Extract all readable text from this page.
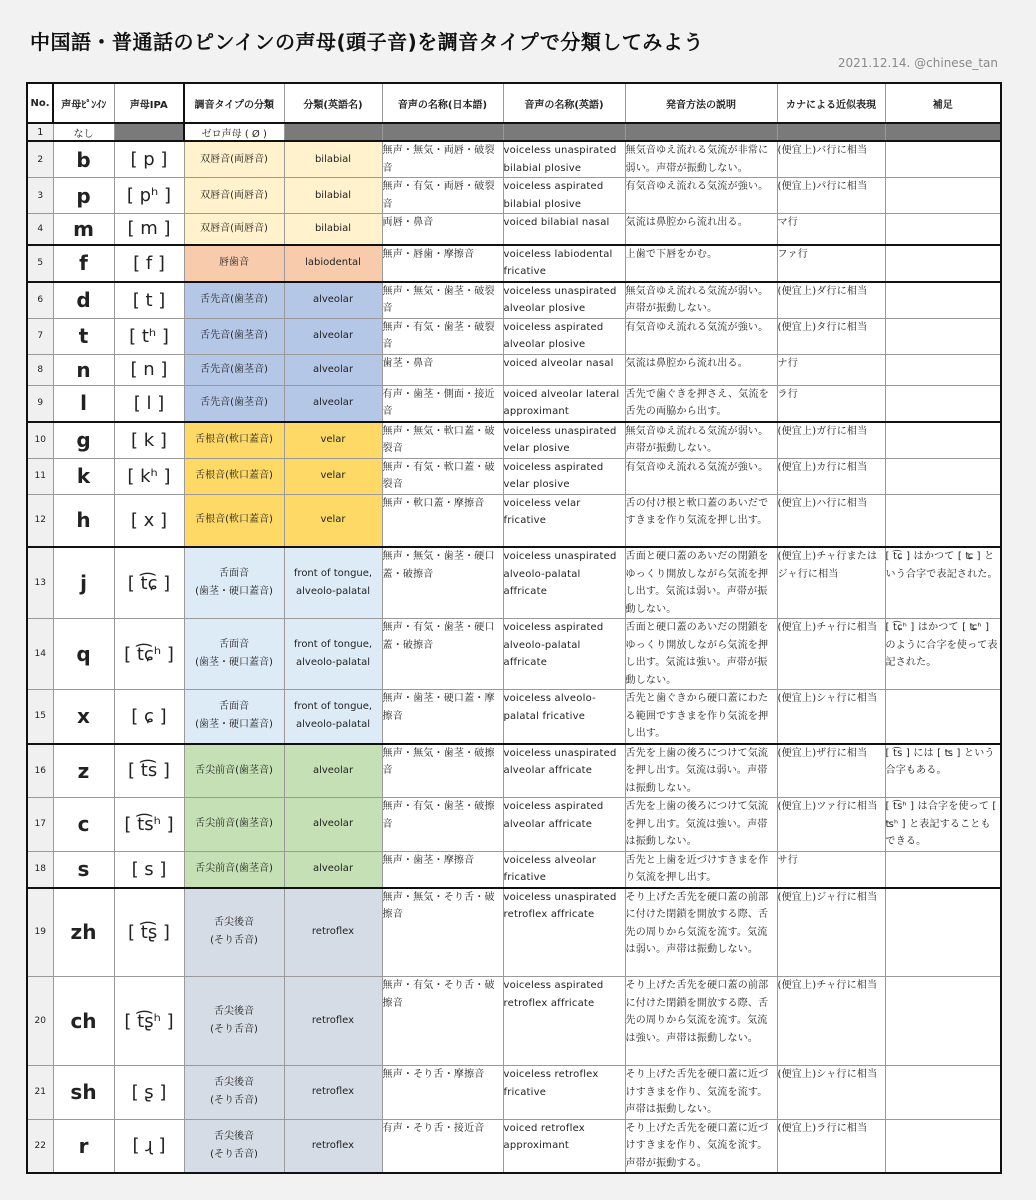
中国語・普通話のピンインの声母(頭子音)を調音タイプで分類してみよう
2021.12.14. @chinese_tan
No.	声母ﾋﾟﾝｲﾝ	声母IPA	調音タイプの分類	分類(英語名)	音声の名称(日本語)	音声の名称(英語)	発音方法の説明	カナによる近似表現	補足
1	なし		ゼロ声母 ( Ø )						
2	b	[ p ]	双唇音(両唇音)	bilabial	無声・無気・両唇・破裂音	voiceless unaspirated bilabial plosive	無気音ゆえ流れる気流が非常に弱い。声帯が振動しない。	(便宜上)バ行に相当	
3	p	[ pʰ ]	双唇音(両唇音)	bilabial	無声・有気・両唇・破裂音	voiceless aspirated bilabial plosive	有気音ゆえ流れる気流が強い。	(便宜上)パ行に相当	
4	m	[ m ]	双唇音(両唇音)	bilabial	両唇・鼻音	voiced bilabial nasal	気流は鼻腔から流れ出る。	マ行	
5	f	[ f ]	唇歯音	labiodental	無声・唇歯・摩擦音	voiceless labiodental fricative	上歯で下唇をかむ。	ファ行	
6	d	[ t ]	舌先音(歯茎音)	alveolar	無声・無気・歯茎・破裂音	voiceless unaspirated alveolar plosive	無気音ゆえ流れる気流が弱い。声帯が振動しない。	(便宜上)ダ行に相当	
7	t	[ tʰ ]	舌先音(歯茎音)	alveolar	無声・有気・歯茎・破裂音	voiceless aspirated alveolar plosive	有気音ゆえ流れる気流が強い。	(便宜上)タ行に相当	
8	n	[ n ]	舌先音(歯茎音)	alveolar	歯茎・鼻音	voiced alveolar nasal	気流は鼻腔から流れ出る。	ナ行	
9	l	[ l ]	舌先音(歯茎音)	alveolar	有声・歯茎・側面・接近音	voiced alveolar lateral approximant	舌先で歯ぐきを押さえ、気流を舌先の両脇から出す。	ラ行	
10	g	[ k ]	舌根音(軟口蓋音)	velar	無声・無気・軟口蓋・破裂音	voiceless unaspirated velar plosive	無気音ゆえ流れる気流が弱い。声帯が振動しない。	(便宜上)ガ行に相当	
11	k	[ kʰ ]	舌根音(軟口蓋音)	velar	無声・有気・軟口蓋・破裂音	voiceless aspirated velar plosive	有気音ゆえ流れる気流が強い。	(便宜上)カ行に相当	
12	h	[ x ]	舌根音(軟口蓋音)	velar	無声・軟口蓋・摩擦音	voiceless velar fricative	舌の付け根と軟口蓋のあいだですきまを作り気流を押し出す。	(便宜上)ハ行に相当	
13	j	[ t͡ɕ ]	舌面音
(歯茎・硬口蓋音)	front of tongue,
alveolo-palatal	無声・無気・歯茎・硬口蓋・破擦音	voiceless unaspirated alveolo-palatal affricate	舌面と硬口蓋のあいだの閉鎖をゆっくり開放しながら気流を押し出す。気流は弱い。声帯が振動しない。	(便宜上)チャ行またはジャ行に相当	[ t͡ɕ ] はかつて [ ʨ ] という合字で表記された。
14	q	[ t͡ɕʰ ]	舌面音
(歯茎・硬口蓋音)	front of tongue,
alveolo-palatal	無声・有気・歯茎・硬口蓋・破擦音	voiceless aspirated alveolo-palatal affricate	舌面と硬口蓋のあいだの閉鎖をゆっくり開放しながら気流を押し出す。気流は強い。声帯が振動しない。	(便宜上)チャ行に相当	[ t͡ɕʰ ] はかつて [ ʨʰ ] のように合字を使って表記された。
15	x	[ ɕ ]	舌面音
(歯茎・硬口蓋音)	front of tongue,
alveolo-palatal	無声・歯茎・硬口蓋・摩擦音	voiceless alveolo-palatal fricative	舌先と歯ぐきから硬口蓋にわたる範囲ですきまを作り気流を押し出す。	(便宜上)シャ行に相当	
16	z	[ t͡s ]	舌尖前音(歯茎音)	alveolar	無声・無気・歯茎・破擦音	voiceless unaspirated alveolar affricate	舌先を上歯の後ろにつけて気流を押し出す。気流は弱い。声帯は振動しない。	(便宜上)ザ行に相当	[ t͡s ] には [ ʦ ] という合字もある。
17	c	[ t͡sʰ ]	舌尖前音(歯茎音)	alveolar	無声・有気・歯茎・破擦音	voiceless aspirated alveolar affricate	舌先を上歯の後ろにつけて気流を押し出す。気流は強い。声帯は振動しない。	(便宜上)ツァ行に相当	[ t͡sʰ ] は合字を使って [ ʦʰ ] と表記することもできる。
18	s	[ s ]	舌尖前音(歯茎音)	alveolar	無声・歯茎・摩擦音	voiceless alveolar fricative	舌先と上歯を近づけすきまを作り気流を押し出す。	サ行	
19	zh	[ t͡ʂ ]	舌尖後音
(そり舌音)	retroflex	無声・無気・そり舌・破擦音	voiceless unaspirated retroflex affricate	そり上げた舌先を硬口蓋の前部に付けた閉鎖を開放する際、舌先の周りから気流を流す。気流は弱い。声帯は振動しない。	(便宜上)ジャ行に相当	
20	ch	[ t͡ʂʰ ]	舌尖後音
(そり舌音)	retroflex	無声・有気・そり舌・破擦音	voiceless aspirated retroflex affricate	そり上げた舌先を硬口蓋の前部に付けた閉鎖を開放する際、舌先の周りから気流を流す。気流は強い。声帯は振動しない。	(便宜上)チャ行に相当	
21	sh	[ ʂ ]	舌尖後音
(そり舌音)	retroflex	無声・そり舌・摩擦音	voiceless retroflex fricative	そり上げた舌先を硬口蓋に近づけすきまを作り、気流を流す。声帯は振動しない。	(便宜上)シャ行に相当	
22	r	[ ɻ ]	舌尖後音
(そり舌音)	retroflex	有声・そり舌・接近音	voiced retroflex approximant	そり上げた舌先を硬口蓋に近づけすきまを作り、気流を流す。声帯が振動する。	(便宜上)ラ行に相当	
